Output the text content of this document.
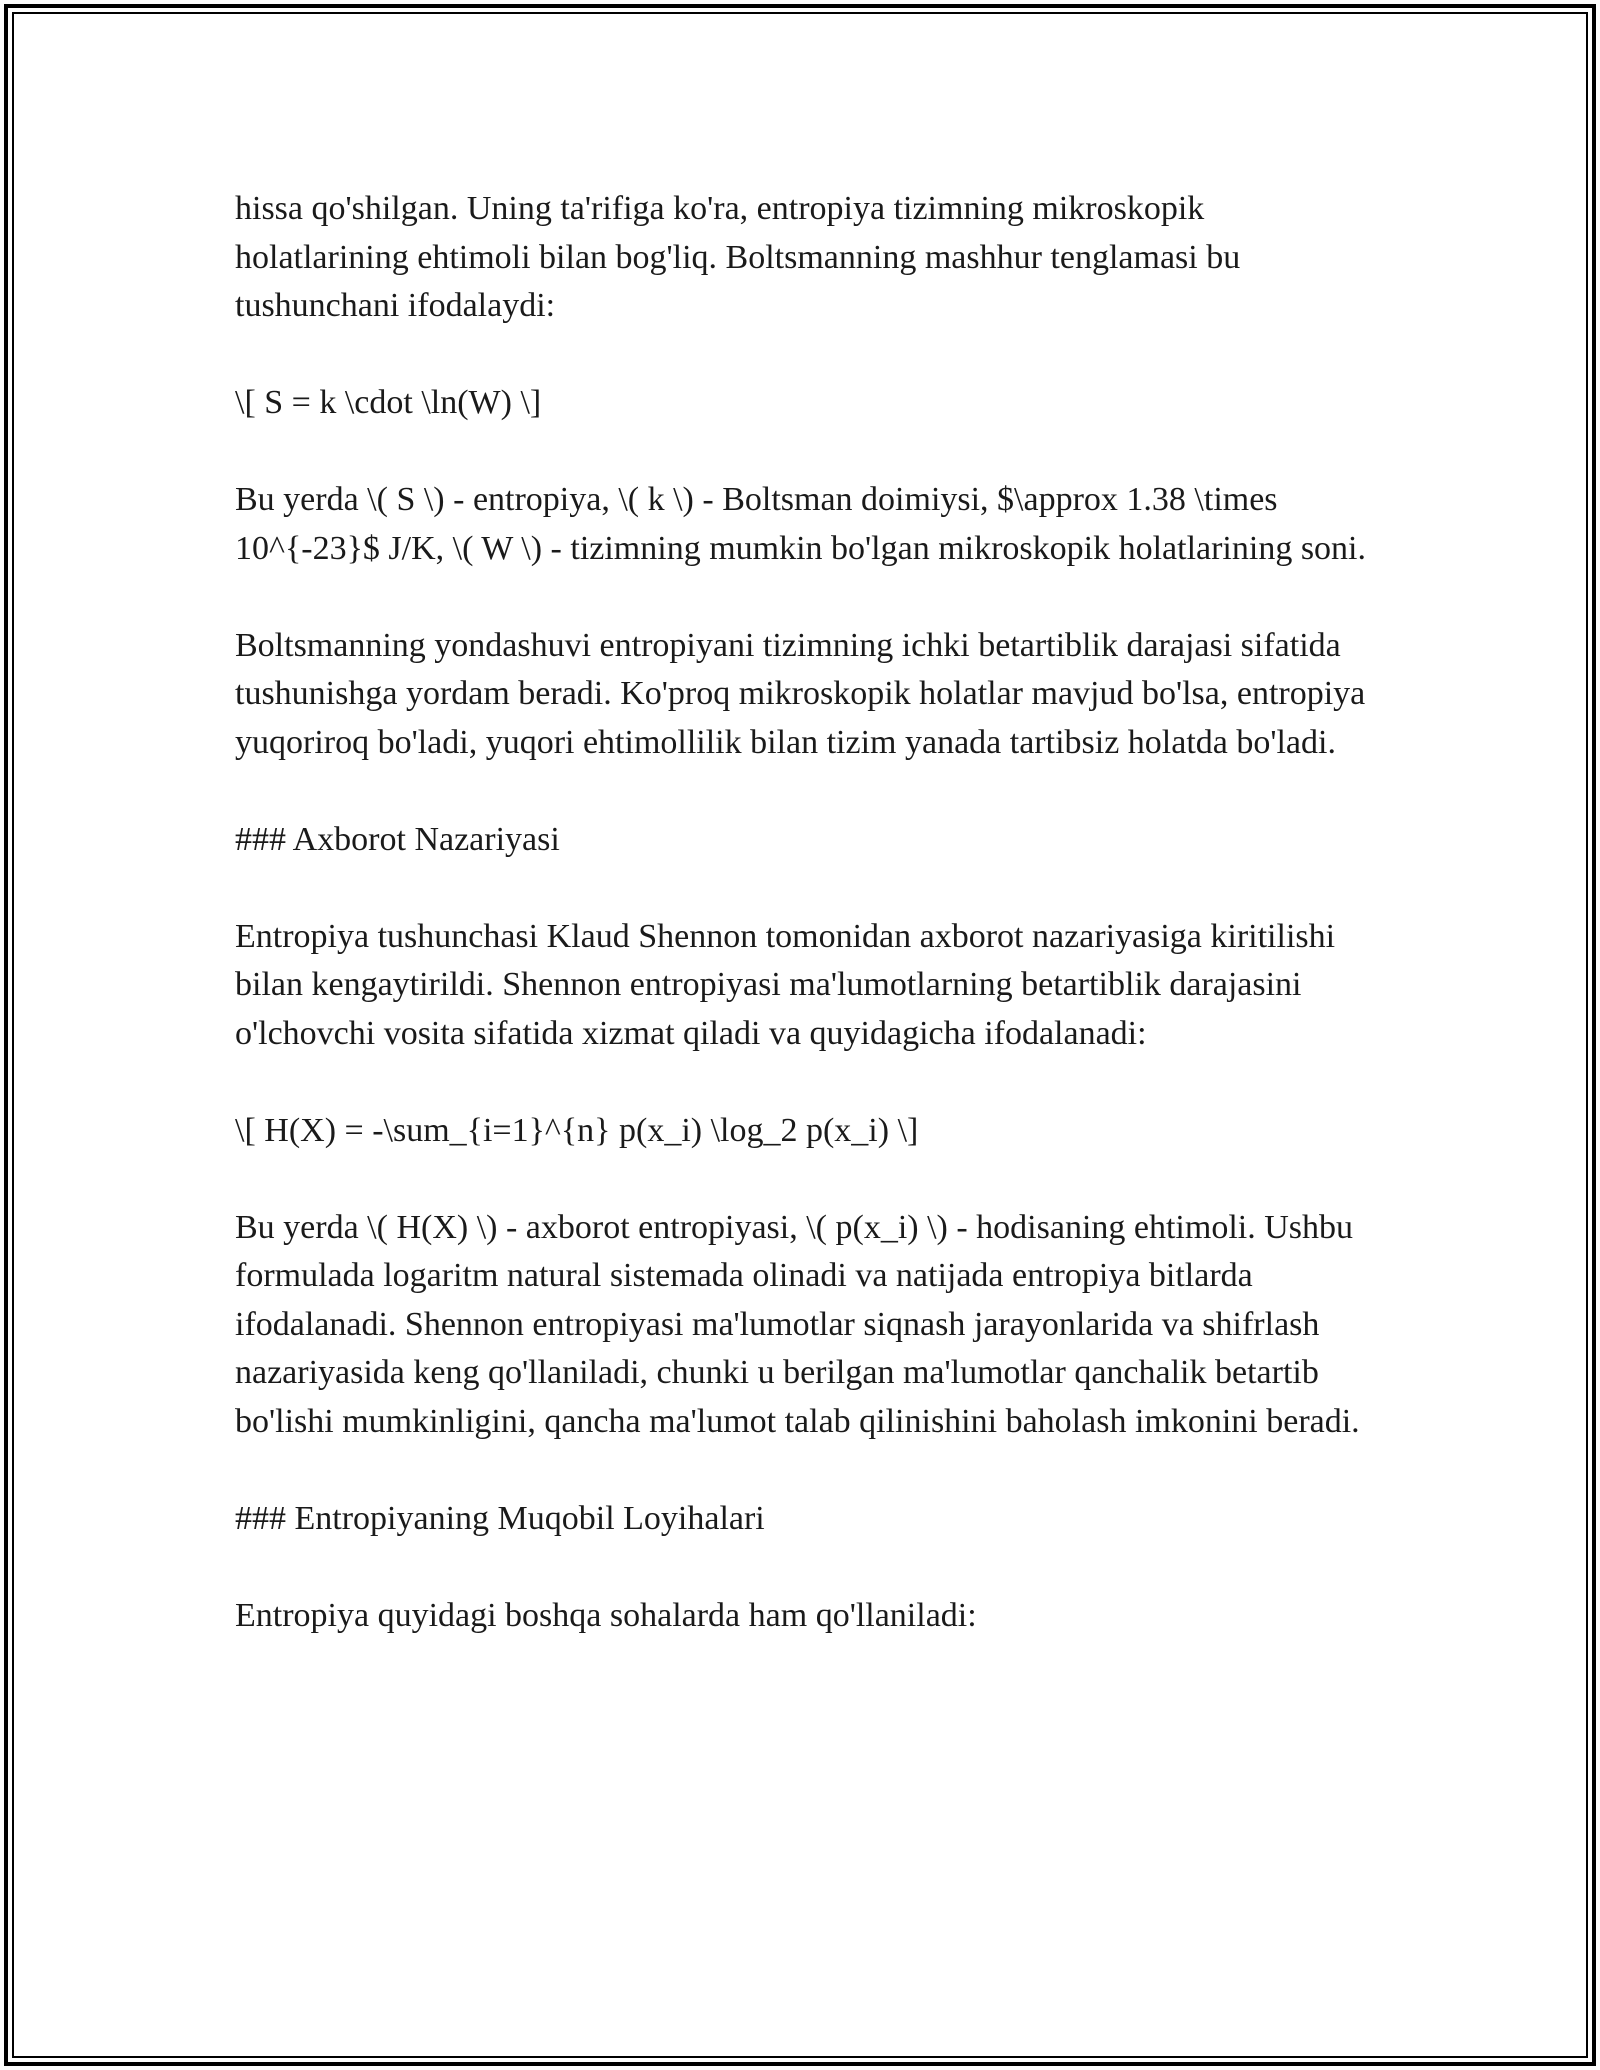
hissa qo'shilgan. Uning ta'rifiga ko'ra, entropiya tizimning mikroskopik holatlarining ehtimoli bilan bog'liq. Boltsmanning mashhur tenglamasi bu tushunchani ifodalaydi:

\[ S = k \cdot \ln(W) \]

Bu yerda \( S \) - entropiya, \( k \) - Boltsman doimiysi, $\approx 1.38 \times 10^{-23}$ J/K, \( W \) - tizimning mumkin bo'lgan mikroskopik holatlarining soni.

Boltsmanning yondashuvi entropiyani tizimning ichki betartiblik darajasi sifatida tushunishga yordam beradi. Ko'proq mikroskopik holatlar mavjud bo'lsa, entropiya yuqoriroq bo'ladi, yuqori ehtimollilik bilan tizim yanada tartibsiz holatda bo'ladi.

### Axborot Nazariyasi

Entropiya tushunchasi Klaud Shennon tomonidan axborot nazariyasiga kiritilishi bilan kengaytirildi. Shennon entropiyasi ma'lumotlarning betartiblik darajasini o'lchovchi vosita sifatida xizmat qiladi va quyidagicha ifodalanadi:

\[ H(X) = -\sum_{i=1}^{n} p(x_i) \log_2 p(x_i) \]

Bu yerda \( H(X) \) - axborot entropiyasi, \( p(x_i) \) - hodisaning ehtimoli. Ushbu formulada logaritm natural sistemada olinadi va natijada entropiya bitlarda ifodalanadi. Shennon entropiyasi ma'lumotlar siqnash jarayonlarida va shifrlash nazariyasida keng qo'llaniladi, chunki u berilgan ma'lumotlar qanchalik betartib bo'lishi mumkinligini, qancha ma'lumot talab qilinishini baholash imkonini beradi.

### Entropiyaning Muqobil Loyihalari

Entropiya quyidagi boshqa sohalarda ham qo'llaniladi:
